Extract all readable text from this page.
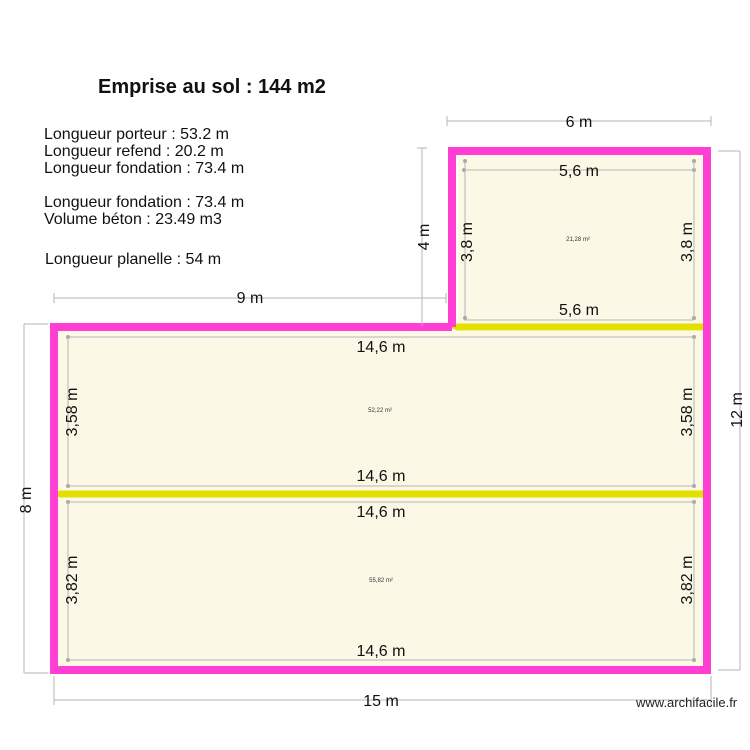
Emprise au sol : 144 m2
Longueur porteur : 53.2 m
Longueur refend : 20.2 m
Longueur fondation : 73.4 m
Longueur fondation : 73.4 m
Volume béton : 23.49 m3
Longueur planelle : 54 m
21,28 m²
52,22 m²
55,82 m²
6 m
5,6 m
4 m 3,8 m	3,8 m
5,6 m
9 m
14,6 m
3,58 m	3,58 m
14,6 m
14,6 m
3,82 m	3,82 m
14,6 m
12 m
8 m
15 m	www.archifacile.fr
